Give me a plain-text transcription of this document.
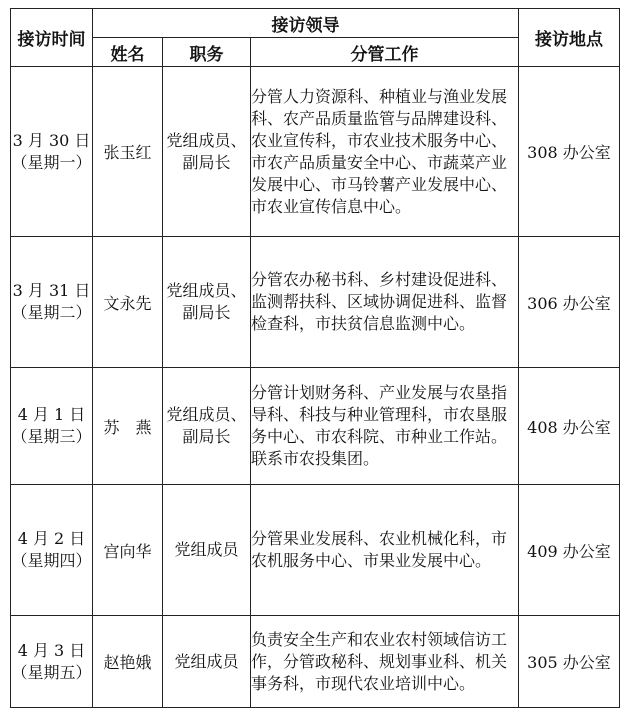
接访时间	接访领导			接访地点
	姓名	职务	分管工作	
3 月 30 日（星期一）	张玉红	党组成员、副局长	分管人力资源科、种植业与渔业发展科、农产品质量监管与品牌建设科、农业宣传科，市农业技术服务中心、市农产品质量安全中心、市蔬菜产业发展中心、市马铃薯产业发展中心、市农业宣传信息中心。	308 办公室
3 月 31 日（星期二）	文永先	党组成员、副局长	分管农办秘书科、乡村建设促进科、监测帮扶科、区域协调促进科、监督检查科，市扶贫信息监测中心。	306 办公室
4 月 1 日（星期三）	苏　燕	党组成员、副局长	分管计划财务科、产业发展与农垦指导科、科技与种业管理科，市农垦服务中心、市农科院、市种业工作站。联系市农投集团。	408 办公室
4 月 2 日（星期四）	宫向华	党组成员	分管果业发展科、农业机械化科，市农机服务中心、市果业发展中心。	409 办公室
4 月 3 日（星期五）	赵艳娥	党组成员	负责安全生产和农业农村领域信访工作，分管政秘科、规划事业科、机关事务科，市现代农业培训中心。	305 办公室
